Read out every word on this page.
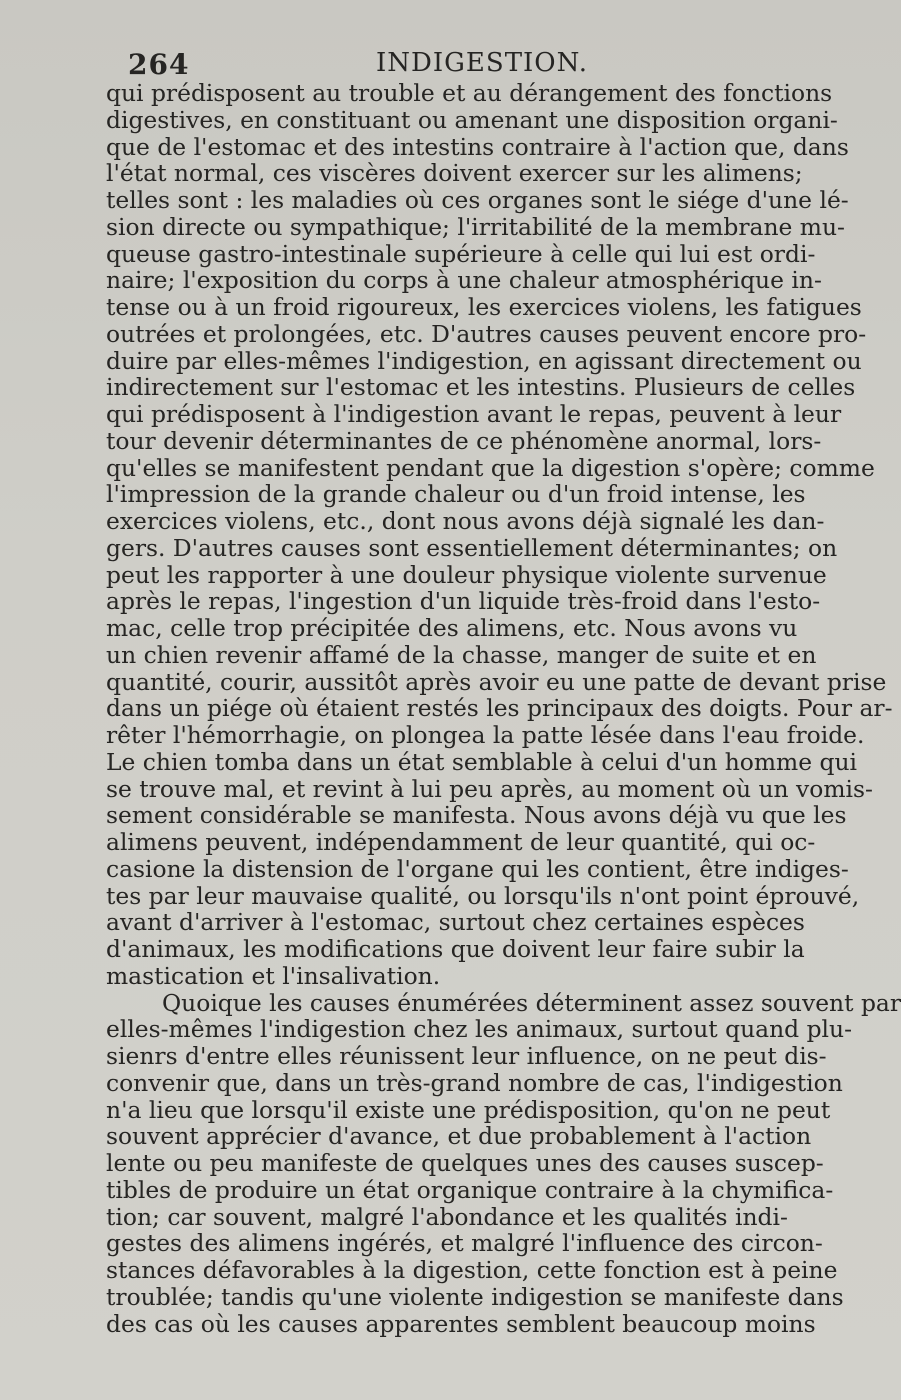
264	INDIGESTION.
qui prédisposent au trouble et au dérangement des fonctions
digestives, en constituant ou amenant une disposition organi-
que de l'estomac et des intestins contraire à l'action que, dans
l'état normal, ces viscères doivent exercer sur les alimens;
telles sont : les maladies où ces organes sont le siége d'une lé-
sion directe ou sympathique; l'irritabilité de la membrane mu-
queuse gastro-intestinale supérieure à celle qui lui est ordi-
naire; l'exposition du corps à une chaleur atmosphérique in-
tense ou à un froid rigoureux, les exercices violens, les fatigues
outrées et prolongées, etc. D'autres causes peuvent encore pro-
duire par elles-mêmes l'indigestion, en agissant directement ou
indirectement sur l'estomac et les intestins. Plusieurs de celles
qui prédisposent à l'indigestion avant le repas, peuvent à leur
tour devenir déterminantes de ce phénomène anormal, lors-
qu'elles se manifestent pendant que la digestion s'opère; comme
l'impression de la grande chaleur ou d'un froid intense, les
exercices violens, etc., dont nous avons déjà signalé les dan-
gers. D'autres causes sont essentiellement déterminantes; on
peut les rapporter à une douleur physique violente survenue
après le repas, l'ingestion d'un liquide très-froid dans l'esto-
mac, celle trop précipitée des alimens, etc. Nous avons vu
un chien revenir affamé de la chasse, manger de suite et en
quantité, courir, aussitôt après avoir eu une patte de devant prise
dans un piége où étaient restés les principaux des doigts. Pour ar-
rêter l'hémorrhagie, on plongea la patte lésée dans l'eau froide.
Le chien tomba dans un état semblable à celui d'un homme qui
se trouve mal, et revint à lui peu après, au moment où un vomis-
sement considérable se manifesta. Nous avons déjà vu que les
alimens peuvent, indépendamment de leur quantité, qui oc-
casione la distension de l'organe qui les contient, être indiges-
tes par leur mauvaise qualité, ou lorsqu'ils n'ont point éprouvé,
avant d'arriver à l'estomac, surtout chez certaines espèces
d'animaux, les modifications que doivent leur faire subir la
mastication et l'insalivation.
Quoique les causes énumérées déterminent assez souvent par
elles-mêmes l'indigestion chez les animaux, surtout quand plu-
sienrs d'entre elles réunissent leur influence, on ne peut dis-
convenir que, dans un très-grand nombre de cas, l'indigestion
n'a lieu que lorsqu'il existe une prédisposition, qu'on ne peut
souvent apprécier d'avance, et due probablement à l'action
lente ou peu manifeste de quelques unes des causes suscep-
tibles de produire un état organique contraire à la chymifica-
tion; car souvent, malgré l'abondance et les qualités indi-
gestes des alimens ingérés, et malgré l'influence des circon-
stances défavorables à la digestion, cette fonction est à peine
troublée; tandis qu'une violente indigestion se manifeste dans
des cas où les causes apparentes semblent beaucoup moins
